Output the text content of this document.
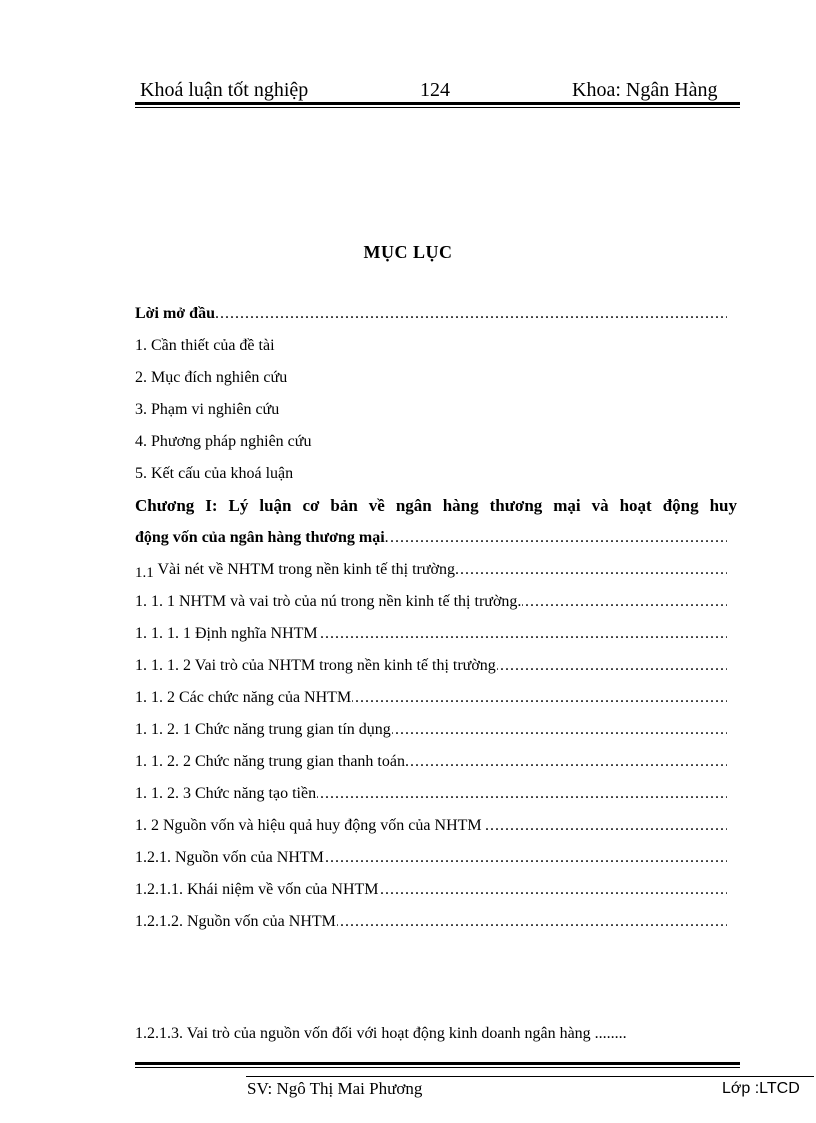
Khoá luận tốt nghiệp	124	Khoa: Ngân Hàng
MỤC LỤC
.....
Lời mở đầu
1. Cần thiết của đề tài
2. Mục đích nghiên cứu
3. Phạm vi nghiên cứu
4. Phương pháp nghiên cứu
5. Kết cấu của khoá luận
Chương I: Lý luận cơ bản về ngân hàng thương mại và hoạt động huy
.....
động vốn của ngân hàng thương mại.
.....
1.1 Vài nét về NHTM trong nền kinh tế thị trường.
.....
1. 1. 1 NHTM và vai trò của nú trong nền kinh tế thị trường.
.....
1. 1. 1. 1 Định nghĩa NHTM
.....
1. 1. 1. 2 Vai trò của NHTM trong nền kinh tế thị trường
.....
1. 1. 2 Các chức năng của NHTM
.....
1. 1. 2. 1 Chức năng trung gian tín dụng
.....
1. 1. 2. 2 Chức năng trung gian thanh toán
.....
1. 1. 2. 3 Chức năng tạo tiền
.....
1. 2 Nguồn vốn và hiệu quả huy động vốn của NHTM
.....
1.2.1. Nguồn vốn của NHTM
.....
1.2.1.1. Khái niệm về vốn của NHTM
.....
1.2.1.2. Nguồn vốn của NHTM
1.2.1.3. Vai trò của nguồn vốn đối với hoạt động kinh doanh ngân hàng ........
SV: Ngô Thị Mai Phương	Lớp :LTCD
